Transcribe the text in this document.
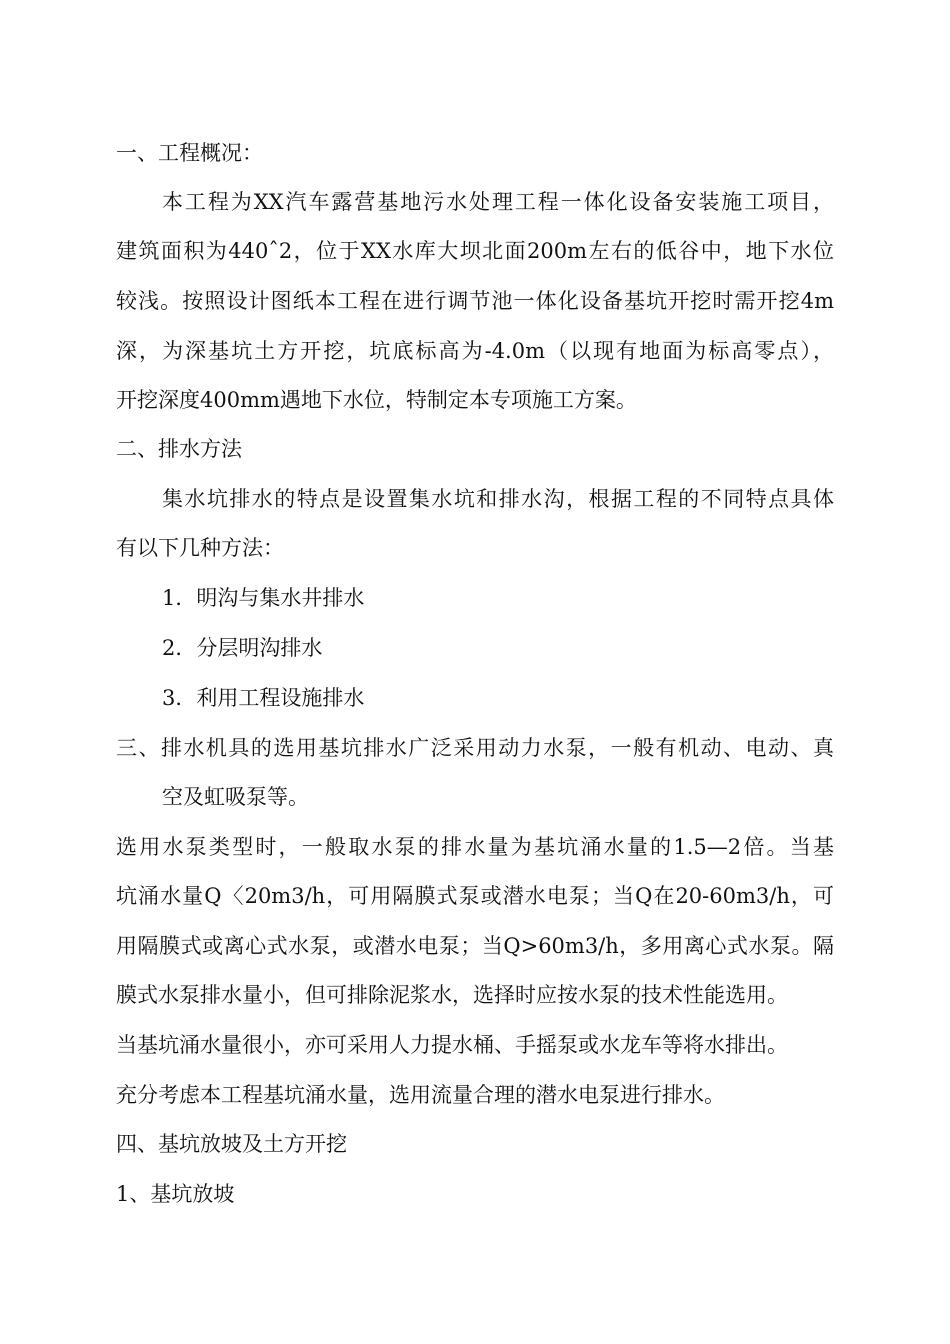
一、工程概况：
本工程为XX汽车露营基地污水处理工程一体化设备安装施工项目，
建筑面积为440ˆ2，位于XX水库大坝北面200m左右的低谷中，地下水位
较浅。按照设计图纸本工程在进行调节池一体化设备基坑开挖时需开挖4m
深，为深基坑土方开挖，坑底标高为-4.0m（以现有地面为标高零点），
开挖深度400mm遇地下水位，特制定本专项施工方案。
二、排水方法
集水坑排水的特点是设置集水坑和排水沟，根据工程的不同特点具体
有以下几种方法：
1．明沟与集水井排水
2．分层明沟排水
3．利用工程设施排水
三、排水机具的选用基坑排水广泛采用动力水泵，一般有机动、电动、真
空及虹吸泵等。
选用水泵类型时，一般取水泵的排水量为基坑涌水量的1.5—2倍。当基
坑涌水量Q〈20m3/h，可用隔膜式泵或潜水电泵；当Q在20-60m3/h，可
用隔膜式或离心式水泵，或潜水电泵；当Q>60m3/h，多用离心式水泵。隔
膜式水泵排水量小，但可排除泥浆水，选择时应按水泵的技术性能选用。
当基坑涌水量很小，亦可采用人力提水桶、手摇泵或水龙车等将水排出。
充分考虑本工程基坑涌水量，选用流量合理的潜水电泵进行排水。
四、基坑放坡及土方开挖
1、基坑放坡
